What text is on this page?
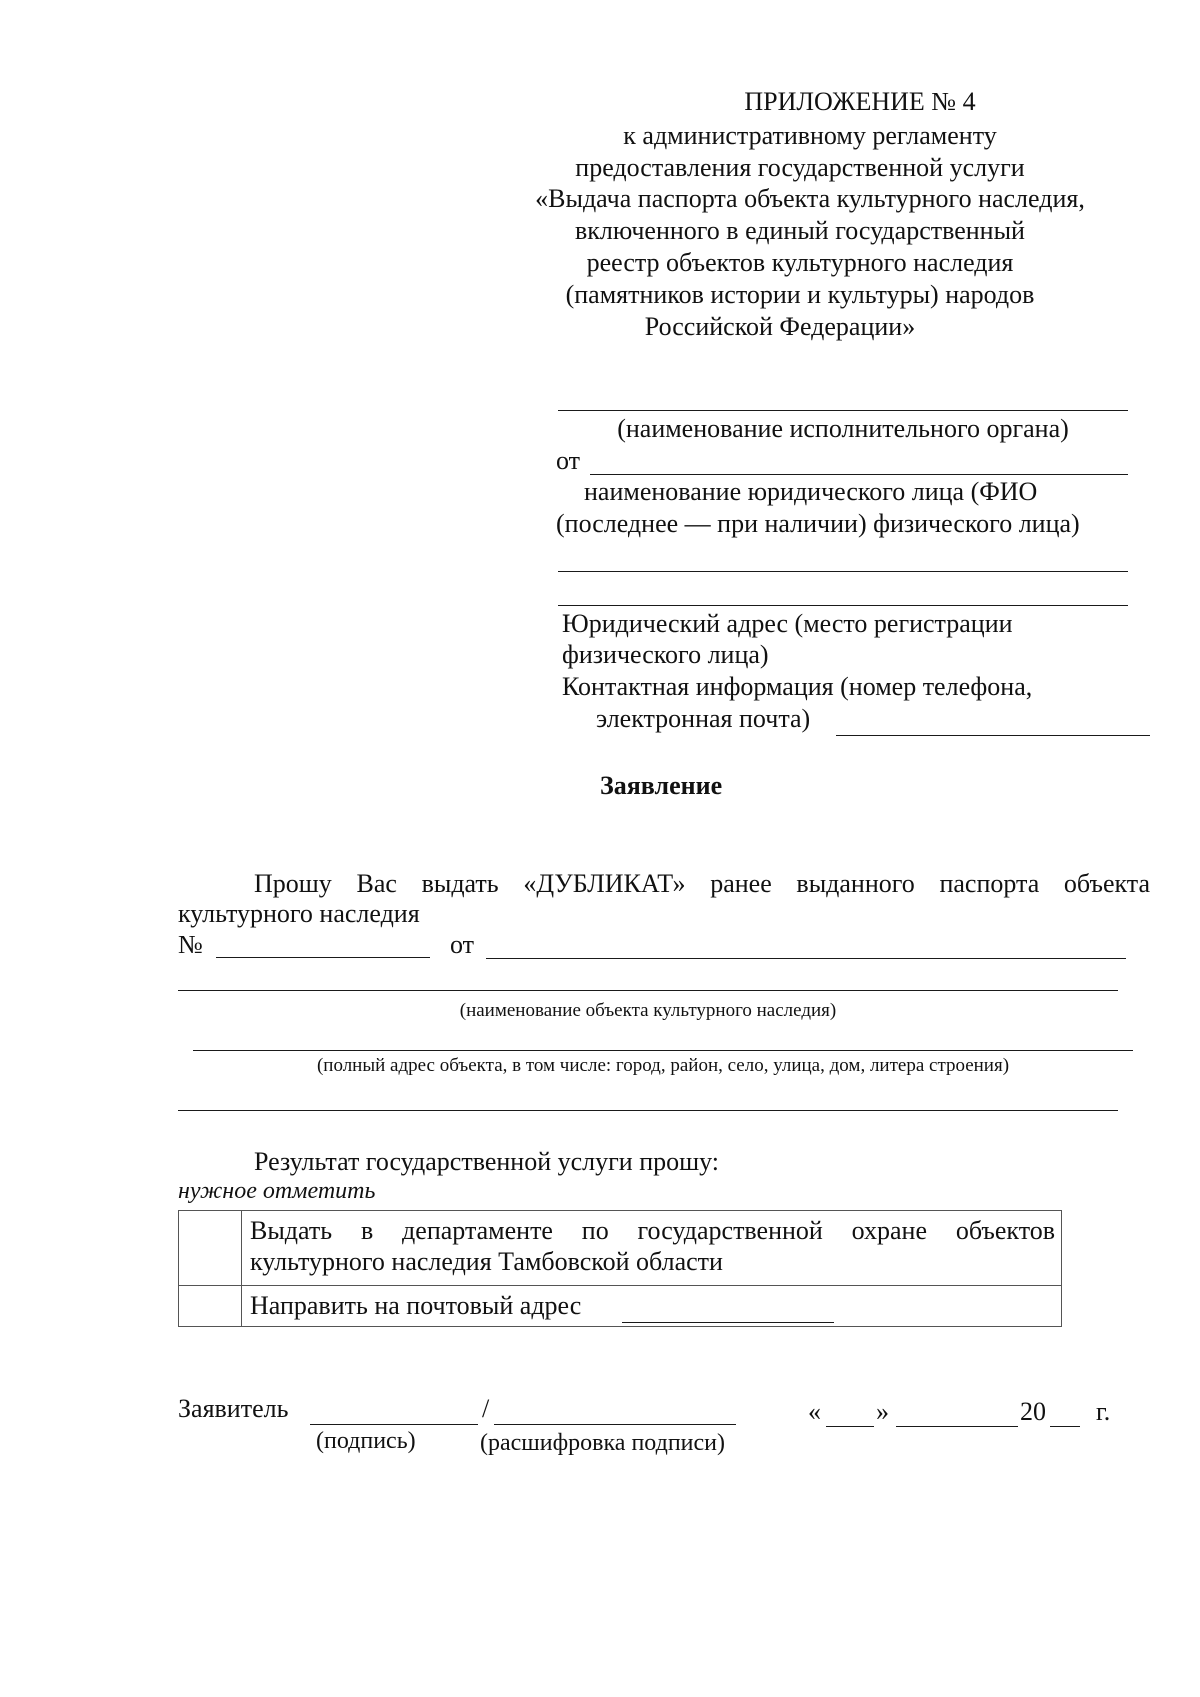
ПРИЛОЖЕНИЕ № 4
к административному регламенту
предоставления государственной услуги
«Выдача паспорта объекта культурного наследия,
включенного в единый государственный
реестр объектов культурного наследия
(памятников истории и культуры) народов
Российской Федерации»
(наименование исполнительного органа)
от
наименование юридического лица (ФИО
(последнее — при наличии) физического лица)
Юридический адрес (место регистрации
физического лица)
Контактная информация (номер телефона,
электронная почта)
Заявление
Прошу Вас выдать «ДУБЛИКАТ» ранее выданного паспорта объекта
культурного наследия
№	от
(наименование объекта культурного наследия)
(полный адрес объекта, в том числе: город, район, село, улица, дом, литера строения)
Результат государственной услуги прошу:
нужное отметить

	Выдать в департаменте по государственной охране объектов
культурного наследия Тамбовской области
	Направить на почтовый адрес
Заявитель	/
(подпись)	(расшифровка подписи)
« »	20 г.
